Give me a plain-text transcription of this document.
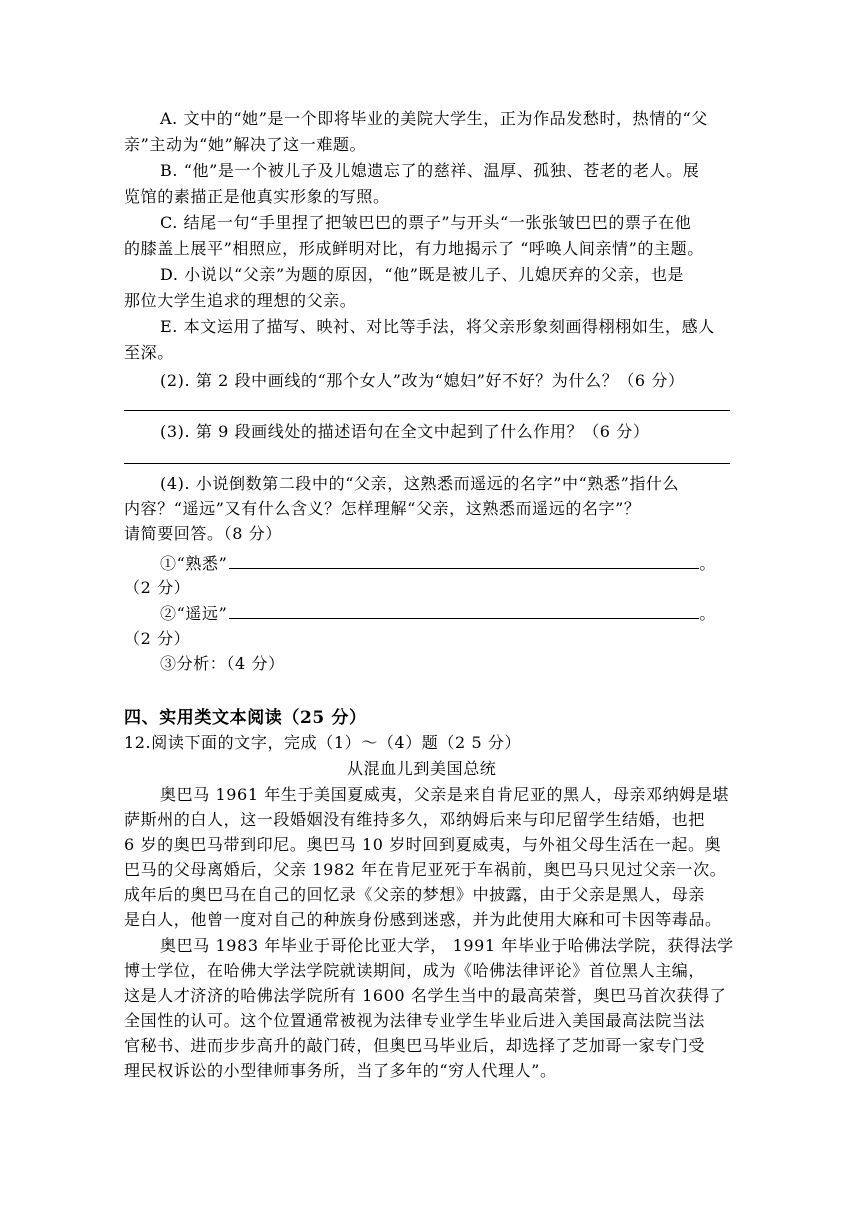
A. 文中的“她”是一个即将毕业的美院大学生，正为作品发愁时，热情的“父
亲”主动为“她”解决了这一难题。
B. “他”是一个被儿子及儿媳遗忘了的慈祥、温厚、孤独、苍老的老人。展
览馆的素描正是他真实形象的写照。
C. 结尾一句“手里捏了把皱巴巴的票子”与开头“一张张皱巴巴的票子在他
的膝盖上展平”相照应，形成鲜明对比，有力地揭示了 “呼唤人间亲情”的主题。
D. 小说以“父亲”为题的原因，“他”既是被儿子、儿媳厌弃的父亲，也是
那位大学生追求的理想的父亲。
E. 本文运用了描写、映衬、对比等手法，将父亲形象刻画得栩栩如生，感人
至深。
(2). 第 2 段中画线的“那个女人”改为“媳妇”好不好？为什么？（6 分）
(3). 第 9 段画线处的描述语句在全文中起到了什么作用？（6 分）
(4). 小说倒数第二段中的“父亲，这熟悉而遥远的名字”中“熟悉”指什么
内容？“遥远”又有什么含义？怎样理解“父亲，这熟悉而遥远的名字”？
请简要回答。（8 分）
①“熟悉”	。
（2 分）
②“遥远”	。
（2 分）
③分析：（4 分）
四、实用类文本阅读（25 分）
12.阅读下面的文字，完成（1）～（4）题（2 5 分）
从混血儿到美国总统
奥巴马 1961 年生于美国夏威夷，父亲是来自肯尼亚的黑人，母亲邓纳姆是堪
萨斯州的白人，这一段婚姻没有维持多久，邓纳姆后来与印尼留学生结婚，也把
6 岁的奥巴马带到印尼。奥巴马 10 岁时回到夏威夷，与外祖父母生活在一起。奥
巴马的父母离婚后，父亲 1982 年在肯尼亚死于车祸前，奥巴马只见过父亲一次。
成年后的奥巴马在自己的回忆录《父亲的梦想》中披露，由于父亲是黑人，母亲
是白人，他曾一度对自己的种族身份感到迷惑，并为此使用大麻和可卡因等毒品。
奥巴马 1983 年毕业于哥伦比亚大学， 1991 年毕业于哈佛法学院，获得法学
博士学位，在哈佛大学法学院就读期间，成为《哈佛法律评论》首位黑人主编，
这是人才济济的哈佛法学院所有 1600 名学生当中的最高荣誉，奥巴马首次获得了
全国性的认可。这个位置通常被视为法律专业学生毕业后进入美国最高法院当法
官秘书、进而步步高升的敲门砖，但奥巴马毕业后，却选择了芝加哥一家专门受
理民权诉讼的小型律师事务所，当了多年的“穷人代理人”。
